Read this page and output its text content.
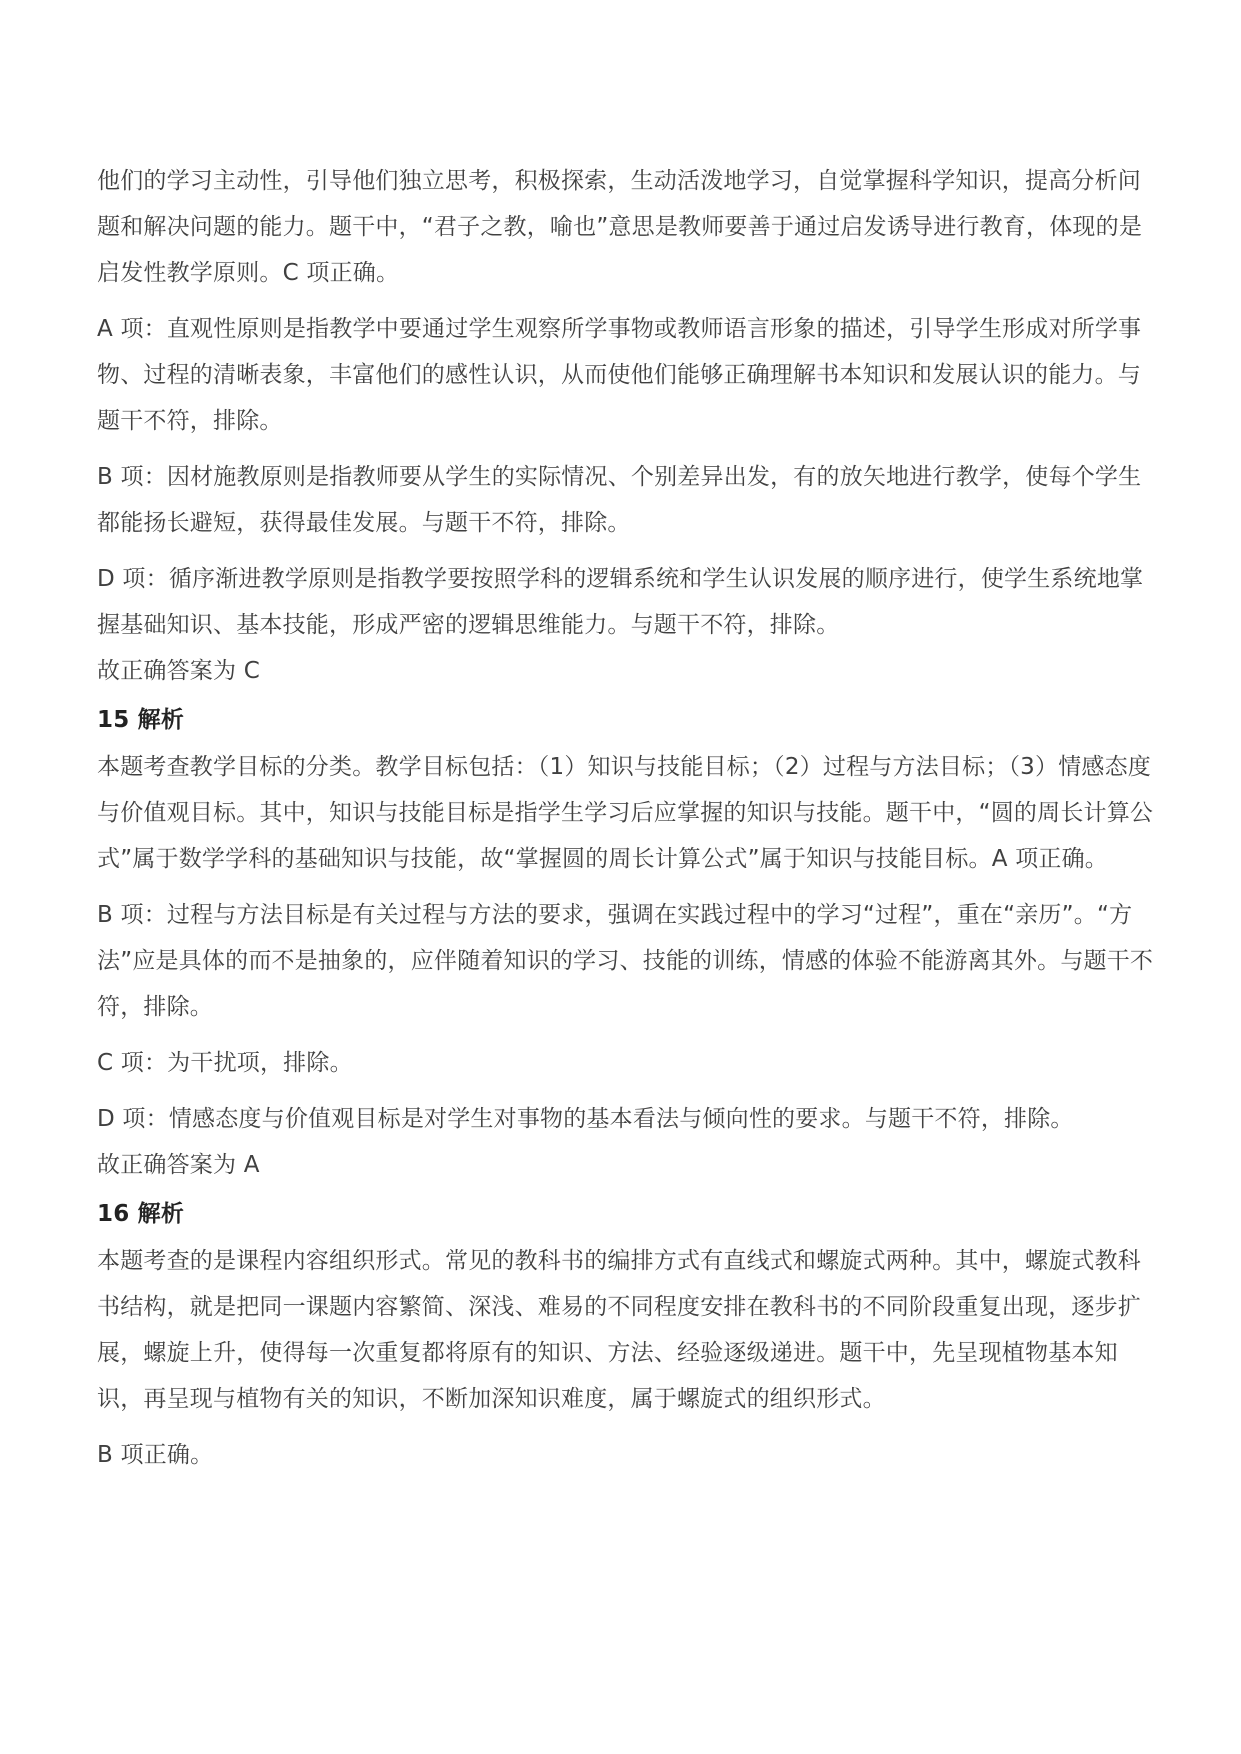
他们的学习主动性，引导他们独立思考，积极探索，生动活泼地学习，自觉掌握科学知识，提高分析问题和解决问题的能力。题干中，“君子之教，喻也”意思是教师要善于通过启发诱导进行教育，体现的是启发性教学原则。C 项正确。

A 项：直观性原则是指教学中要通过学生观察所学事物或教师语言形象的描述，引导学生形成对所学事物、过程的清晰表象，丰富他们的感性认识，从而使他们能够正确理解书本知识和发展认识的能力。与题干不符，排除。

B 项：因材施教原则是指教师要从学生的实际情况、个别差异出发，有的放矢地进行教学，使每个学生都能扬长避短，获得最佳发展。与题干不符，排除。

D 项：循序渐进教学原则是指教学要按照学科的逻辑系统和学生认识发展的顺序进行，使学生系统地掌握基础知识、基本技能，形成严密的逻辑思维能力。与题干不符，排除。

故正确答案为 C

15 解析

本题考查教学目标的分类。教学目标包括：（1）知识与技能目标；（2）过程与方法目标；（3）情感态度与价值观目标。其中，知识与技能目标是指学生学习后应掌握的知识与技能。题干中，“圆的周长计算公式”属于数学学科的基础知识与技能，故“掌握圆的周长计算公式”属于知识与技能目标。A 项正确。

B 项：过程与方法目标是有关过程与方法的要求，强调在实践过程中的学习“过程”，重在“亲历”。“方法”应是具体的而不是抽象的，应伴随着知识的学习、技能的训练，情感的体验不能游离其外。与题干不符，排除。

C 项：为干扰项，排除。

D 项：情感态度与价值观目标是对学生对事物的基本看法与倾向性的要求。与题干不符，排除。

故正确答案为 A

16 解析

本题考查的是课程内容组织形式。常见的教科书的编排方式有直线式和螺旋式两种。其中，螺旋式教科书结构，就是把同一课题内容繁简、深浅、难易的不同程度安排在教科书的不同阶段重复出现，逐步扩展，螺旋上升，使得每一次重复都将原有的知识、方法、经验逐级递进。题干中，先呈现植物基本知识，再呈现与植物有关的知识，不断加深知识难度，属于螺旋式的组织形式。

B 项正确。
